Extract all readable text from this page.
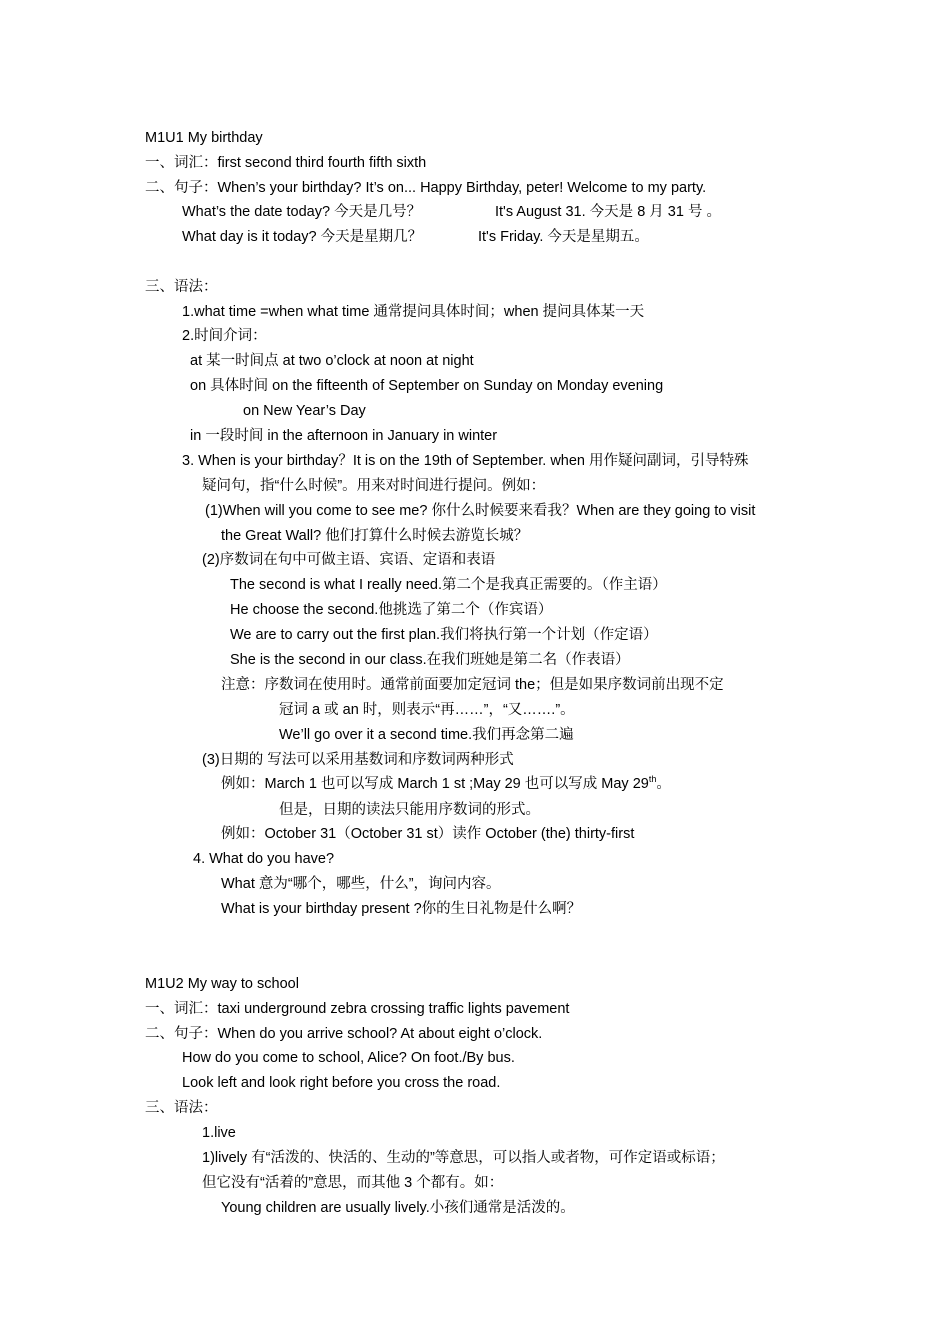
M1U1 My birthday
一、词汇：first second third fourth fifth sixth
二、句子：When’s your birthday? It’s on... Happy Birthday, peter! Welcome to my party.
What’s the date today? 今天是几号？	It's August 31. 今天是 8 月 31 号 。
What day is it today? 今天是星期几？	It's Friday. 今天是星期五。
三、语法：
1.what time =when what time 通常提问具体时间；when 提问具体某一天
2.时间介词：
at 某一时间点 at two o’clock at noon at night
on 具体时间 on the fifteenth of September on Sunday on Monday evening
on New Year’s Day
in 一段时间 in the afternoon in January in winter
3. When is your birthday？It is on the 19th of September. when 用作疑问副词，引导特殊
疑问句，指“什么时候”。用来对时间进行提问。例如：
(1)When will you come to see me? 你什么时候要来看我？When are they going to visit
the Great Wall? 他们打算什么时候去游览长城？
(2)序数词在句中可做主语、宾语、定语和表语
The second is what I really need.第二个是我真正需要的。（作主语）
He choose the second.他挑选了第二个（作宾语）
We are to carry out the first plan.我们将执行第一个计划（作定语）
She is the second in our class.在我们班她是第二名（作表语）
注意：序数词在使用时。通常前面要加定冠词 the；但是如果序数词前出现不定
冠词 a 或 an 时，则表示“再……”，“又…….”。
We’ll go over it a second time.我们再念第二遍
(3)日期的 写法可以采用基数词和序数词两种形式
例如：March 1 也可以写成 March 1 st ;May 29 也可以写成 May 29th。
但是，日期的读法只能用序数词的形式。
例如：October 31（October 31 st）读作 October (the) thirty-first
4. What do you have?
What 意为“哪个，哪些，什么”，询问内容。
What is your birthday present ?你的生日礼物是什么啊？
M1U2 My way to school
一、词汇：taxi underground zebra crossing traffic lights pavement
二、句子：When do you arrive school? At about eight o’clock.
How do you come to school, Alice? On foot./By bus.
Look left and look right before you cross the road.
三、语法：
1.live
1)lively 有“活泼的、快活的、生动的”等意思，可以指人或者物，可作定语或标语；
但它没有“活着的”意思，而其他 3 个都有。如：
Young children are usually lively.小孩们通常是活泼的。
